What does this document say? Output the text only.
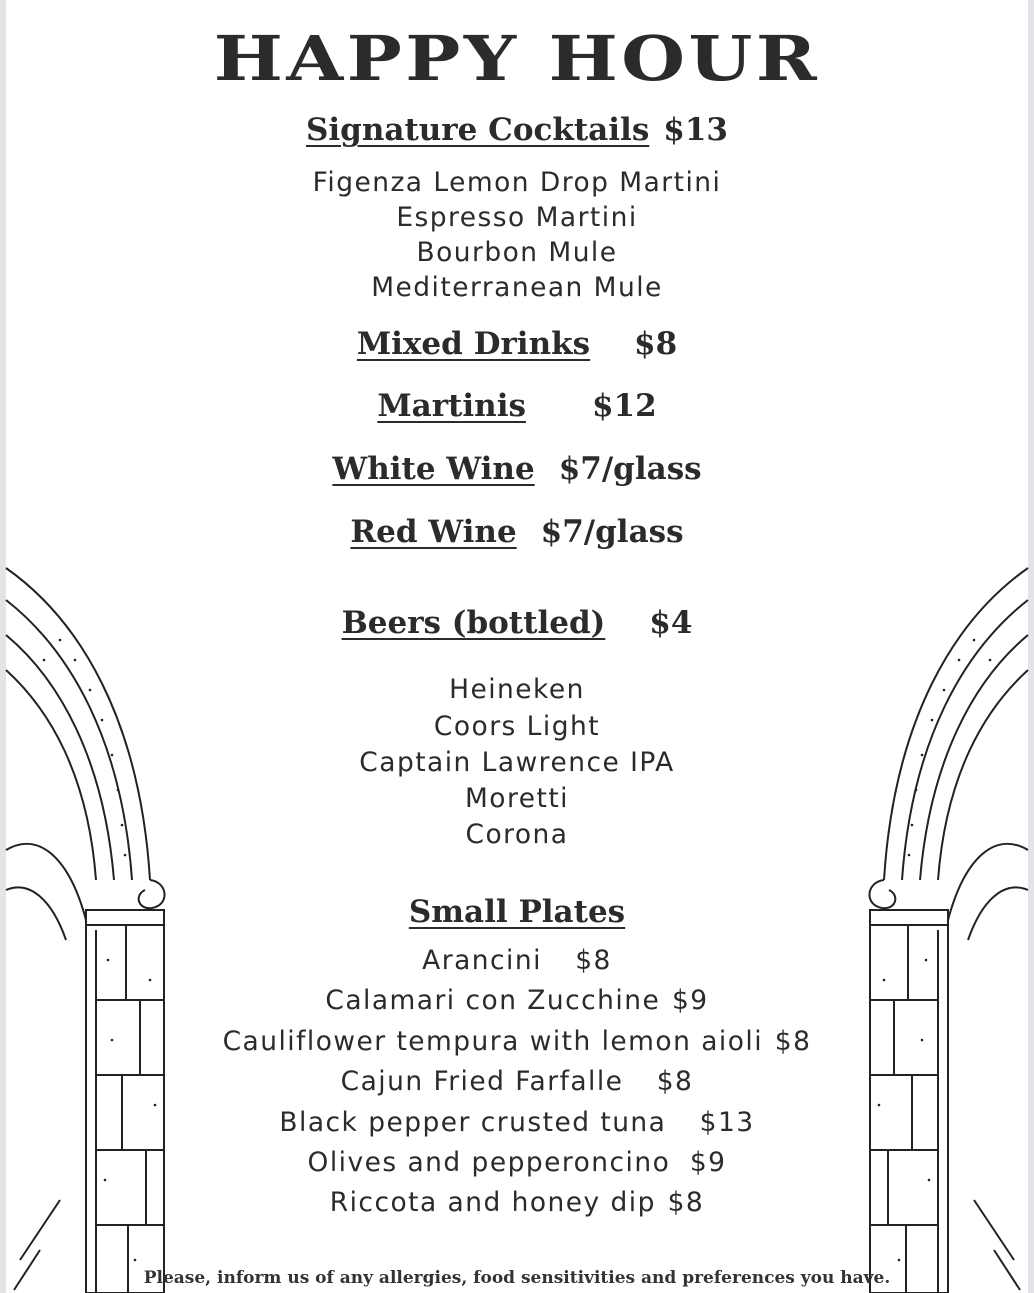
HAPPY HOUR
Signature Cocktails $13
Figenza Lemon Drop Martini
Espresso Martini
Bourbon Mule
Mediterranean Mule
Mixed Drinks $8
Martinis $12
White Wine $7/glass
Red Wine $7/glass
Beers (bottled) $4
Heineken
Coors Light
Captain Lawrence IPA
Moretti
Corona
Small Plates
Arancini $8
Calamari con Zucchine $9
Cauliflower tempura with lemon aioli $8
Cajun Fried Farfalle $8
Black pepper crusted tuna $13
Olives and pepperoncino $9
Riccota and honey dip $8
Please, inform us of any allergies, food sensitivities and preferences you have.
